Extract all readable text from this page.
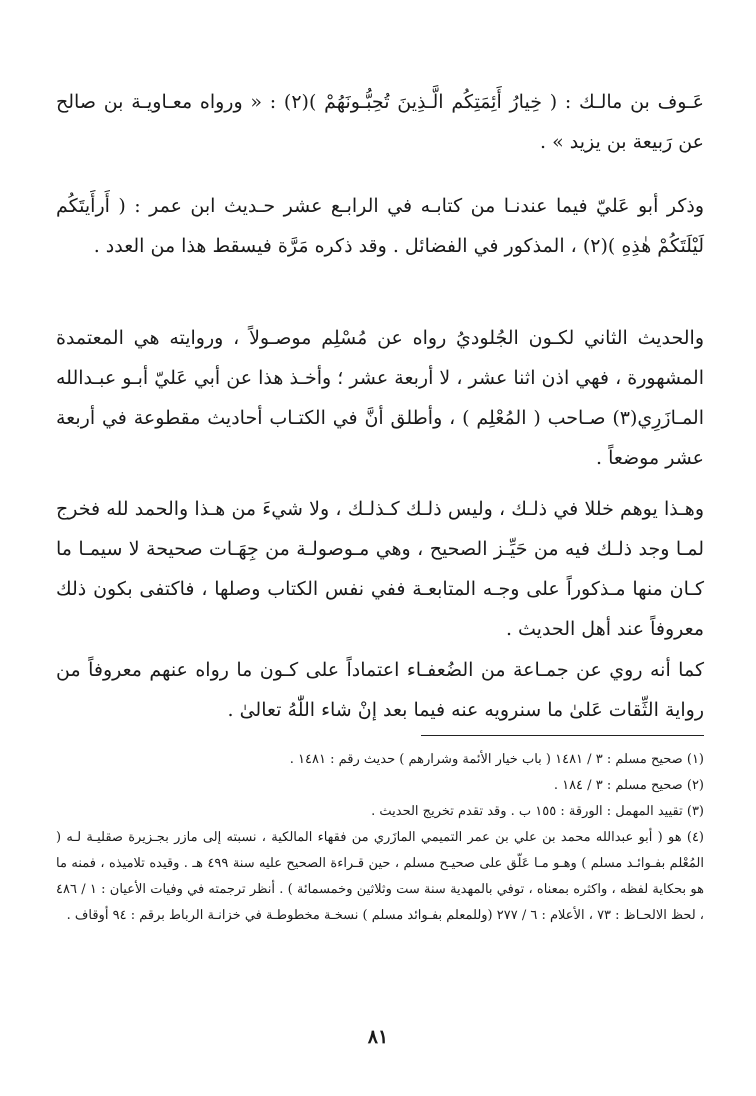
عَـوف بن مالـك : ( خِيارُ أَئِمَتِكُم الَّـذِينَ تُحِبُّـونَهُمْ )(٢) : « ورواه معـاويـة بن صالح عن رَبيعة بن يزيد » .

وذكر أبو عَليّ فيما عندنـا من كتابـه في الرابـع عشر حـديث ابن عمر : ( أَرأَيتَكُم لَيْلَتَكُمْ هٰذِهِ )(٢) ، المذكور في الفضائل . وقد ذكره مَرَّة فيسقط هذا من العدد .

والحديث الثاني لكـون الجُلوديُ رواه عن مُسْلِم موصـولاً ، وروايته هي المعتمدة المشهورة ، فهي اذن اثنا عشر ، لا أربعة عشر ؛ وأخـذ هذا عن أبي عَليّ أبـو عبـدالله المـازَرِي(٣) صـاحب ( المُعْلِم ) ، وأطلق أنَّ في الكتـاب أحاديث مقطوعة في أربعة عشر موضعاً .

وهـذا يوهم خللا في ذلـك ، وليس ذلـك كـذلـك ، ولا شيءَ من هـذا والحمد لله فخرج لمـا وجد ذلـك فيه من حَيِّـز الصحيح ، وهي مـوصولـة من جِهَـات صحيحة لا سيمـا ما كـان منها مـذكوراً على وجـه المتابعـة ففي نفس الكتاب وصلها ، فاكتفى بكون ذلك معروفاً عند أهل الحديث .

كما أنه روي عن جمـاعة من الضُعفـاء اعتماداً على كـون ما رواه عنهم معروفاً من رواية الثِّقات عَلىٰ ما سنرويه عنه فيما بعد إنْ شاء اللّٰهُ تعالىٰ .

(١) صحيح مسلم : ٣ / ١٤٨١ ( باب خيار الأئمة وشرارهم ) حديث رقم : ١٤٨١ .
(٢) صحيح مسلم : ٣ / ١٨٤ .
(٣) تقييد المهمل : الورقة : ١٥٥ ب . وقد تقدم تخريج الحديث .
(٤) هو ( أبو عبدالله محمد بن علي بن عمر التميمي المازَري من فقهاء المالكية ، نسبته إلى مازر بجـزيرة صقليـة لـه ( المُعْلم بفـوائـد مسلم ) وهـو مـا عَلّق على صحيـح مسلم ، حين قـراءة الصحيح عليه سنة ٤٩٩ هـ . وقيده تلاميذه ، فمنه ما هو بحكاية لفظه ، واكثره بمعناه ، توفي بالمهدية سنة ست وثلاثين وخمسمائة ) . أنظر ترجمته في وفيات الأعيان : ١ / ٤٨٦ ، لحظ الالحـاظ : ٧٣ ، الأعلام : ٦ / ٢٧٧ (وللمعلم بفـوائد مسلم ) نسخـة مخطوطـة في خزانـة الرباط برقم : ٩٤ أوقاف .
٨١
